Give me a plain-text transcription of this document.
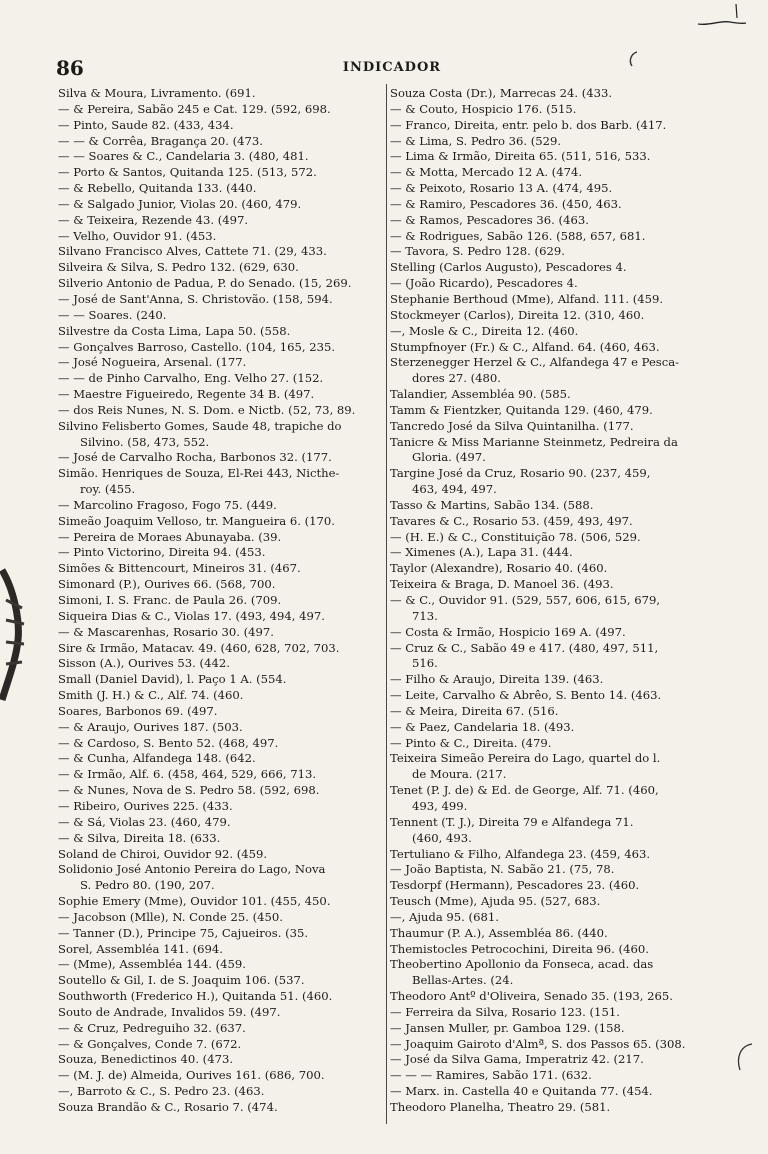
86	INDICADOR
Silva & Moura, Livramento. (691.
— & Pereira, Sabão 245 e Cat. 129. (592, 698.
— Pinto, Saude 82. (433, 434.
— — & Corrêa, Bragança 20. (473.
— — Soares & C., Candelaria 3. (480, 481.
— Porto & Santos, Quitanda 125. (513, 572.
— & Rebello, Quitanda 133. (440.
— & Salgado Junior, Violas 20. (460, 479.
— & Teixeira, Rezende 43. (497.
— Velho, Ouvidor 91. (453.
Silvano Francisco Alves, Cattete 71. (29, 433.
Silveira & Silva, S. Pedro 132. (629, 630.
Silverio Antonio de Padua, P. do Senado. (15, 269.
— José de Sant'Anna, S. Christovão. (158, 594.
— — Soares. (240.
Silvestre da Costa Lima, Lapa 50. (558.
— Gonçalves Barroso, Castello. (104, 165, 235.
— José Nogueira, Arsenal. (177.
— — de Pinho Carvalho, Eng. Velho 27. (152.
— Maestre Figueiredo, Regente 34 B. (497.
— dos Reis Nunes, N. S. Dom. e Nictb. (52, 73, 89.
Silvino Felisberto Gomes, Saude 48, trapiche do
Silvino. (58, 473, 552.
— José de Carvalho Rocha, Barbonos 32. (177.
Simão. Henriques de Souza, El-Rei 443, Nicthe-
roy. (455.
— Marcolino Fragoso, Fogo 75. (449.
Simeão Joaquim Velloso, tr. Mangueira 6. (170.
— Pereira de Moraes Abunayaba. (39.
— Pinto Victorino, Direita 94. (453.
Simões & Bittencourt, Mineiros 31. (467.
Simonard (P.), Ourives 66. (568, 700.
Simoni, I. S. Franc. de Paula 26. (709.
Siqueira Dias & C., Violas 17. (493, 494, 497.
— & Mascarenhas, Rosario 30. (497.
Sire & Irmão, Matacav. 49. (460, 628, 702, 703.
Sisson (A.), Ourives 53. (442.
Small (Daniel David), l. Paço 1 A. (554.
Smith (J. H.) & C., Alf. 74. (460.
Soares, Barbonos 69. (497.
— & Araujo, Ourives 187. (503.
— & Cardoso, S. Bento 52. (468, 497.
— & Cunha, Alfandega 148. (642.
— & Irmão, Alf. 6. (458, 464, 529, 666, 713.
— & Nunes, Nova de S. Pedro 58. (592, 698.
— Ribeiro, Ourives 225. (433.
— & Sá, Violas 23. (460, 479.
— & Silva, Direita 18. (633.
Soland de Chiroi, Ouvidor 92. (459.
Solidonio José Antonio Pereira do Lago, Nova
S. Pedro 80. (190, 207.
Sophie Emery (Mme), Ouvidor 101. (455, 450.
— Jacobson (Mlle), N. Conde 25. (450.
— Tanner (D.), Principe 75, Cajueiros. (35.
Sorel, Assembléa 141. (694.
— (Mme), Assembléa 144. (459.
Soutello & Gil, I. de S. Joaquim 106. (537.
Southworth (Frederico H.), Quitanda 51. (460.
Souto de Andrade, Invalidos 59. (497.
— & Cruz, Pedreguiho 32. (637.
— & Gonçalves, Conde 7. (672.
Souza, Benedictinos 40. (473.
— (M. J. de) Almeida, Ourives 161. (686, 700.
—, Barroto & C., S. Pedro 23. (463.
Souza Brandão & C., Rosario 7. (474.
Souza Costa (Dr.), Marrecas 24. (433.
— & Couto, Hospicio 176. (515.
— Franco, Direita, entr. pelo b. dos Barb. (417.
— & Lima, S. Pedro 36. (529.
— Lima & Irmão, Direita 65. (511, 516, 533.
— & Motta, Mercado 12 A. (474.
— & Peixoto, Rosario 13 A. (474, 495.
— & Ramiro, Pescadores 36. (450, 463.
— & Ramos, Pescadores 36. (463.
— & Rodrigues, Sabão 126. (588, 657, 681.
— Tavora, S. Pedro 128. (629.
Stelling (Carlos Augusto), Pescadores 4.
— (João Ricardo), Pescadores 4.
Stephanie Berthoud (Mme), Alfand. 111. (459.
Stockmeyer (Carlos), Direita 12. (310, 460.
—, Mosle & C., Direita 12. (460.
Stumpfnoyer (Fr.) & C., Alfand. 64. (460, 463.
Sterzenegger Herzel & C., Alfandega 47 e Pesca-
dores 27. (480.
Talandier, Assembléa 90. (585.
Tamm & Fientzker, Quitanda 129. (460, 479.
Tancredo José da Silva Quintanilha. (177.
Tanicre & Miss Marianne Steinmetz, Pedreira da
Gloria. (497.
Targine José da Cruz, Rosario 90. (237, 459,
463, 494, 497.
Tasso & Martins, Sabão 134. (588.
Tavares & C., Rosario 53. (459, 493, 497.
— (H. E.) & C., Constituição 78. (506, 529.
— Ximenes (A.), Lapa 31. (444.
Taylor (Alexandre), Rosario 40. (460.
Teixeira & Braga, D. Manoel 36. (493.
— & C., Ouvidor 91. (529, 557, 606, 615, 679,
713.
— Costa & Irmão, Hospicio 169 A. (497.
— Cruz & C., Sabão 49 e 417. (480, 497, 511,
516.
— Filho & Araujo, Direita 139. (463.
— Leite, Carvalho & Abrêo, S. Bento 14. (463.
— & Meira, Direita 67. (516.
— & Paez, Candelaria 18. (493.
— Pinto & C., Direita. (479.
Teixeira Simeão Pereira do Lago, quartel do l.
de Moura. (217.
Tenet (P. J. de) & Ed. de George, Alf. 71. (460,
493, 499.
Tennent (T. J.), Direita 79 e Alfandega 71.
(460, 493.
Tertuliano & Filho, Alfandega 23. (459, 463.
— João Baptista, N. Sabão 21. (75, 78.
Tesdorpf (Hermann), Pescadores 23. (460.
Teusch (Mme), Ajuda 95. (527, 683.
—, Ajuda 95. (681.
Thaumur (P. A.), Assembléa 86. (440.
Themistocles Petrocochini, Direita 96. (460.
Theobertino Apollonio da Fonseca, acad. das
Bellas-Artes. (24.
Theodoro Antº d'Oliveira, Senado 35. (193, 265.
— Ferreira da Silva, Rosario 123. (151.
— Jansen Muller, pr. Gamboa 129. (158.
— Joaquim Gairoto d'Almª, S. dos Passos 65. (308.
— José da Silva Gama, Imperatriz 42. (217.
— — — Ramires, Sabão 171. (632.
— Marx. in. Castella 40 e Quitanda 77. (454.
Theodoro Planelha, Theatro 29. (581.
